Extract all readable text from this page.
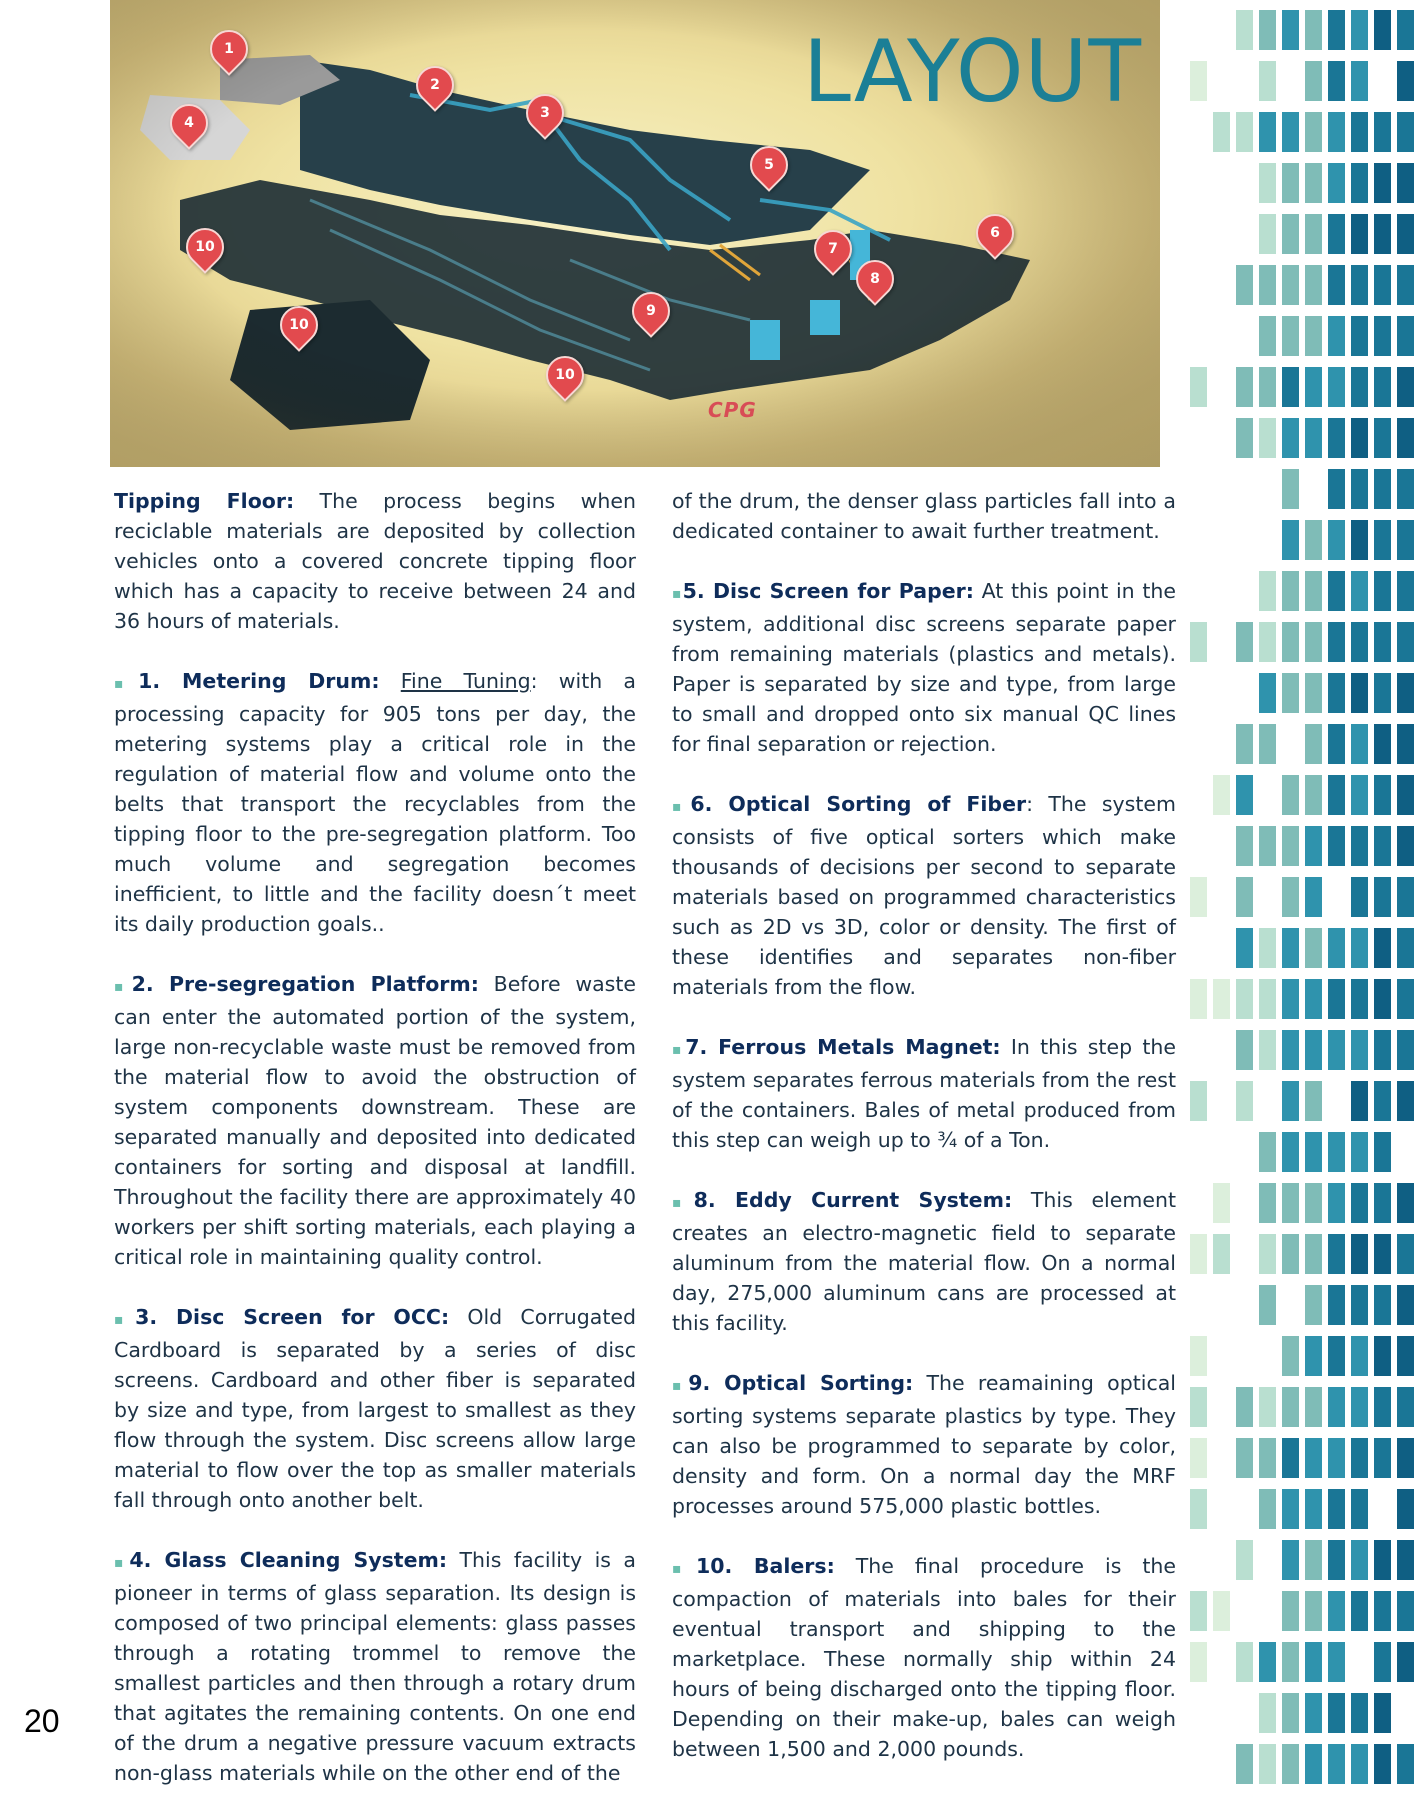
1
2
3
4
5
6
7
8
9
10
10
10
CPG
LAYOUT

Tipping Floor: The process begins when reciclable materials are deposited by collection vehicles onto a covered concrete tipping floor which has a capacity to receive between 24 and 36 hours of materials.

▪1. Metering Drum: Fine Tuning: with a processing capacity for 905 tons per day, the metering systems play a critical role in the regulation of material flow and volume onto the belts that transport the recyclables from the tipping floor to the pre-segregation platform. Too much volume and segregation becomes inefficient, to little and the facility doesn´t meet its daily production goals..

▪2. Pre-segregation Platform: Before waste can enter the automated portion of the system, large non-recyclable waste must be removed from the material flow to avoid the obstruction of system components downstream. These are separated manually and deposited into dedicated containers for sorting and disposal at landfill. Throughout the facility there are approximately 40 workers per shift sorting materials, each playing a critical role in maintaining quality control.

▪3. Disc Screen for OCC: Old Corrugated Cardboard is separated by a series of disc screens. Cardboard and other fiber is separated by size and type, from largest to smallest as they flow through the system. Disc screens allow large material to flow over the top as smaller materials fall through onto another belt.

▪4. Glass Cleaning System: This facility is a pioneer in terms of glass separation. Its design is composed of two principal elements: glass passes through a rotating trommel to remove the smallest particles and then through a rotary drum that agitates the remaining contents. On one end of the drum a negative pressure vacuum extracts non-glass materials while on the other end of the

of the drum, the denser glass particles fall into a dedicated container to await further treatment.

▪5. Disc Screen for Paper: At this point in the system, additional disc screens separate paper from remaining materials (plastics and metals). Paper is separated by size and type, from large to small and dropped onto six manual QC lines for final separation or rejection.

▪6. Optical Sorting of Fiber: The system consists of five optical sorters which make thousands of decisions per second to separate materials based on programmed characteristics such as 2D vs 3D, color or density. The first of these identifies and separates non-fiber materials from the flow.

▪7. Ferrous Metals Magnet: In this step the system separates ferrous materials from the rest of the containers. Bales of metal produced from this step can weigh up to ¾ of a Ton.

▪8. Eddy Current System: This element creates an electro-magnetic field to separate aluminum from the material flow. On a normal day, 275,000 aluminum cans are processed at this facility.

▪9. Optical Sorting: The reamaining optical sorting systems separate plastics by type. They can also be programmed to separate by color, density and form. On a normal day the MRF processes around 575,000 plastic bottles.

▪10. Balers: The final procedure is the compaction of materials into bales for their eventual transport and shipping to the marketplace. These normally ship within 24 hours of being discharged onto the tipping floor. Depending on their make-up, bales can weigh between 1,500 and 2,000 pounds.

20
